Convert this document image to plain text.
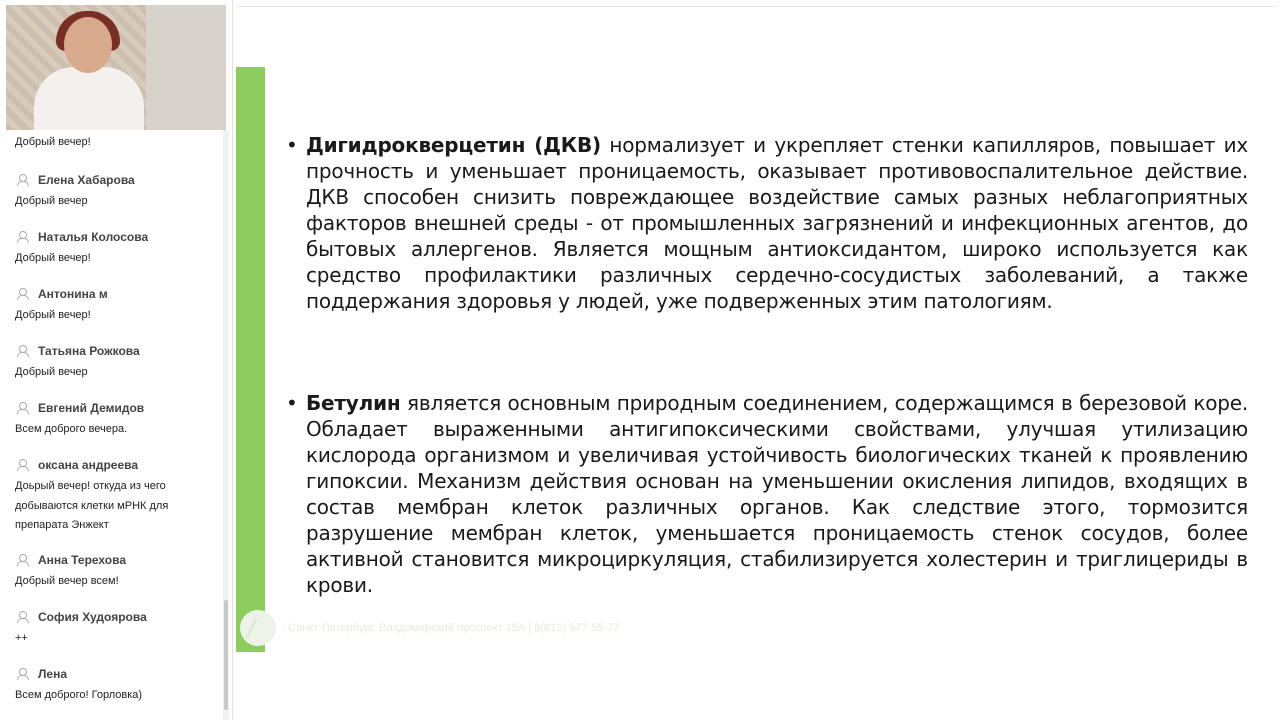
Добрый вечер!
Елена Хабарова
Добрый вечер
Наталья Колосова
Добрый вечер!
Антонина м
Добрый вечер!
Татьяна Рожкова
Добрый вечер
Евгений Демидов
Всем доброго вечера.
оксана андреева
Доьрый вечер! откуда из чего добываются клетки мРНК для препарата Энжект
Анна Терехова
Добрый вечер всем!
София Худоярова
++
Лена
Всем доброго! Горловка)
• Дигидрокверцетин (ДКВ) нормализует и укрепляет стенки капилляров, повышает их прочность и уменьшает проницаемость, оказывает противовоспалительное действие. ДКВ способен снизить повреждающее воздействие самых разных неблагоприятных факторов внешней среды - от промышленных загрязнений и инфекционных агентов, до бытовых аллергенов. Является мощным антиоксидантом, широко используется как средство профилактики различных сердечно-сосудистых заболеваний, а также поддержания здоровья у людей, уже подверженных этим патологиям.
• Бетулин является основным природным соединением, содержащимся в березовой коре. Обладает выраженными антигипоксическими свойствами, улучшая утилизацию кислорода организмом и увеличивая устойчивость биологических тканей к проявлению гипоксии. Механизм действия основан на уменьшении окисления липидов, входящих в состав мембран клеток различных органов. Как следствие этого, тормозится разрушение мембран клеток, уменьшается проницаемость стенок сосудов, более активной становится микроциркуляция, стабилизируется холестерин и триглицериды в крови.
Санкт-Петербург, Владимирский проспект 15А | 8(812) 577-55-77
